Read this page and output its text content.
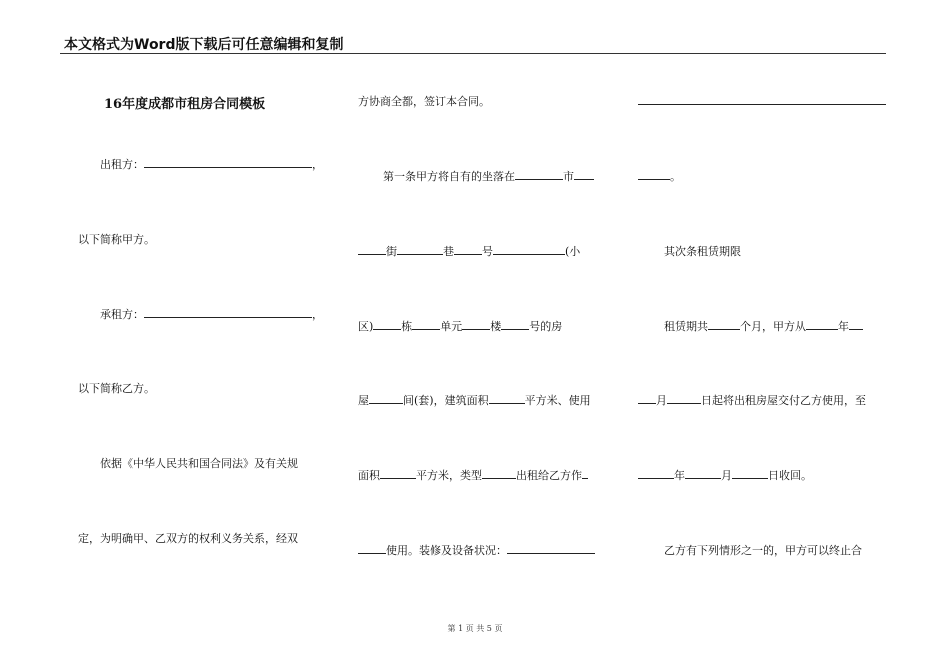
本文格式为Word版下载后可任意编辑和复制
16年度成都市租房合同模板
出租方：	，
以下简称甲方。
承租方：	，
以下简称乙方。
依据《中华人民共和国合同法》及有关规
定，为明确甲、乙双方的权利义务关系，经双
方协商全都，签订本合同。
第一条甲方将自有的坐落在	市
街	巷	号	(小
区)	栋	单元	楼	号的房
屋	间(套)，建筑面积	平方米、使用
面积	平方米，类型	出租给乙方作
使用。装修及设备状况：
。
其次条租赁期限
租赁期共	个月，甲方从	年
月	日起将出租房屋交付乙方使用，至
年	月	日收回。
乙方有下列情形之一的，甲方可以终止合
第 1 页 共 5 页
